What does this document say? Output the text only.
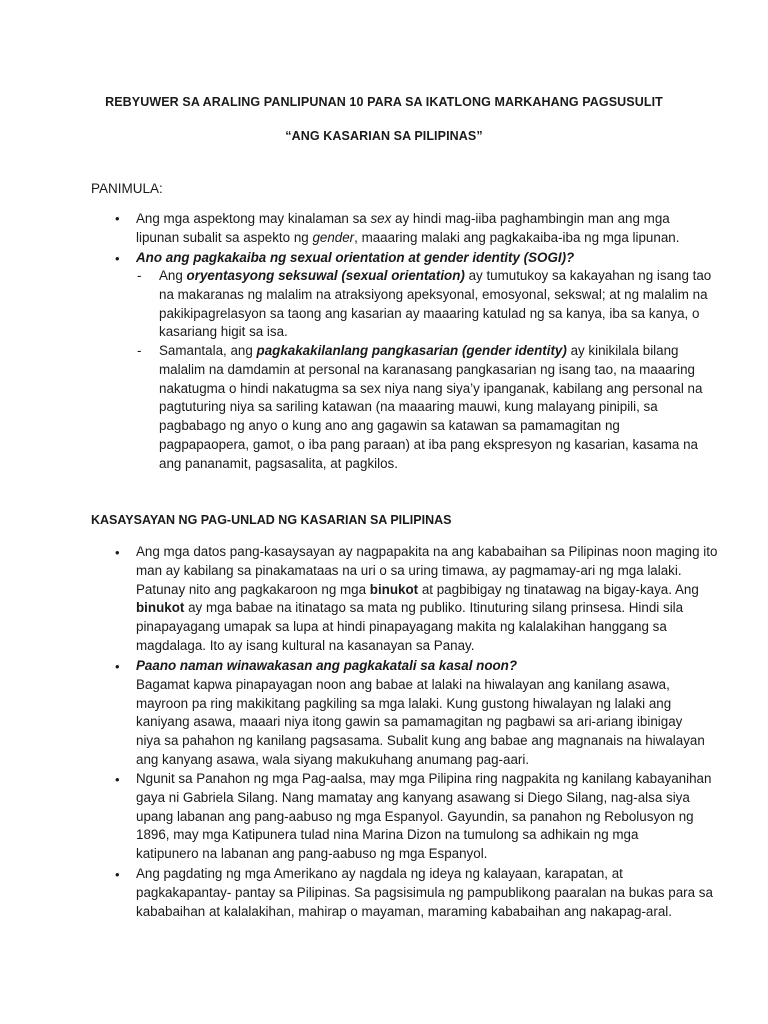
REBYUWER SA ARALING PANLIPUNAN 10 PARA SA IKATLONG MARKAHANG PAGSUSULIT
“ANG KASARIAN SA PILIPINAS”
PANIMULA:
• Ang mga aspektong may kinalaman sa sex ay hindi mag-iiba paghambingin man ang mga
lipunan subalit sa aspekto ng gender, maaaring malaki ang pagkakaiba-iba ng mga lipunan.
• Ano ang pagkakaiba ng sexual orientation at gender identity (SOGI)?
- Ang oryentasyong seksuwal (sexual orientation) ay tumutukoy sa kakayahan ng isang tao
na makaranas ng malalim na atraksiyong apeksyonal, emosyonal, sekswal; at ng malalim na
pakikipagrelasyon sa taong ang kasarian ay maaaring katulad ng sa kanya, iba sa kanya, o
kasariang higit sa isa.
- Samantala, ang pagkakakilanlang pangkasarian (gender identity) ay kinikilala bilang
malalim na damdamin at personal na karanasang pangkasarian ng isang tao, na maaaring
nakatugma o hindi nakatugma sa sex niya nang siya’y ipanganak, kabilang ang personal na
pagtuturing niya sa sariling katawan (na maaaring mauwi, kung malayang pinipili, sa
pagbabago ng anyo o kung ano ang gagawin sa katawan sa pamamagitan ng
pagpapaopera, gamot, o iba pang paraan) at iba pang ekspresyon ng kasarian, kasama na
ang pananamit, pagsasalita, at pagkilos.
KASAYSAYAN NG PAG-UNLAD NG KASARIAN SA PILIPINAS
• Ang mga datos pang-kasaysayan ay nagpapakita na ang kababaihan sa Pilipinas noon maging ito
man ay kabilang sa pinakamataas na uri o sa uring timawa, ay pagmamay-ari ng mga lalaki.
Patunay nito ang pagkakaroon ng mga binukot at pagbibigay ng tinatawag na bigay-kaya. Ang
binukot ay mga babae na itinatago sa mata ng publiko. Itinuturing silang prinsesa. Hindi sila
pinapayagang umapak sa lupa at hindi pinapayagang makita ng kalalakihan hanggang sa
magdalaga. Ito ay isang kultural na kasanayan sa Panay.
• Paano naman winawakasan ang pagkakatali sa kasal noon?
Bagamat kapwa pinapayagan noon ang babae at lalaki na hiwalayan ang kanilang asawa,
mayroon pa ring makikitang pagkiling sa mga lalaki. Kung gustong hiwalayan ng lalaki ang
kaniyang asawa, maaari niya itong gawin sa pamamagitan ng pagbawi sa ari-ariang ibinigay
niya sa pahahon ng kanilang pagsasama. Subalit kung ang babae ang magnanais na hiwalayan
ang kanyang asawa, wala siyang makukuhang anumang pag-aari.
• Ngunit sa Panahon ng mga Pag-aalsa, may mga Pilipina ring nagpakita ng kanilang kabayanihan
gaya ni Gabriela Silang. Nang mamatay ang kanyang asawang si Diego Silang, nag-alsa siya
upang labanan ang pang-aabuso ng mga Espanyol. Gayundin, sa panahon ng Rebolusyon ng
1896, may mga Katipunera tulad nina Marina Dizon na tumulong sa adhikain ng mga
katipunero na labanan ang pang-aabuso ng mga Espanyol.
• Ang pagdating ng mga Amerikano ay nagdala ng ideya ng kalayaan, karapatan, at
pagkakapantay- pantay sa Pilipinas. Sa pagsisimula ng pampublikong paaralan na bukas para sa
kababaihan at kalalakihan, mahirap o mayaman, maraming kababaihan ang nakapag-aral.
